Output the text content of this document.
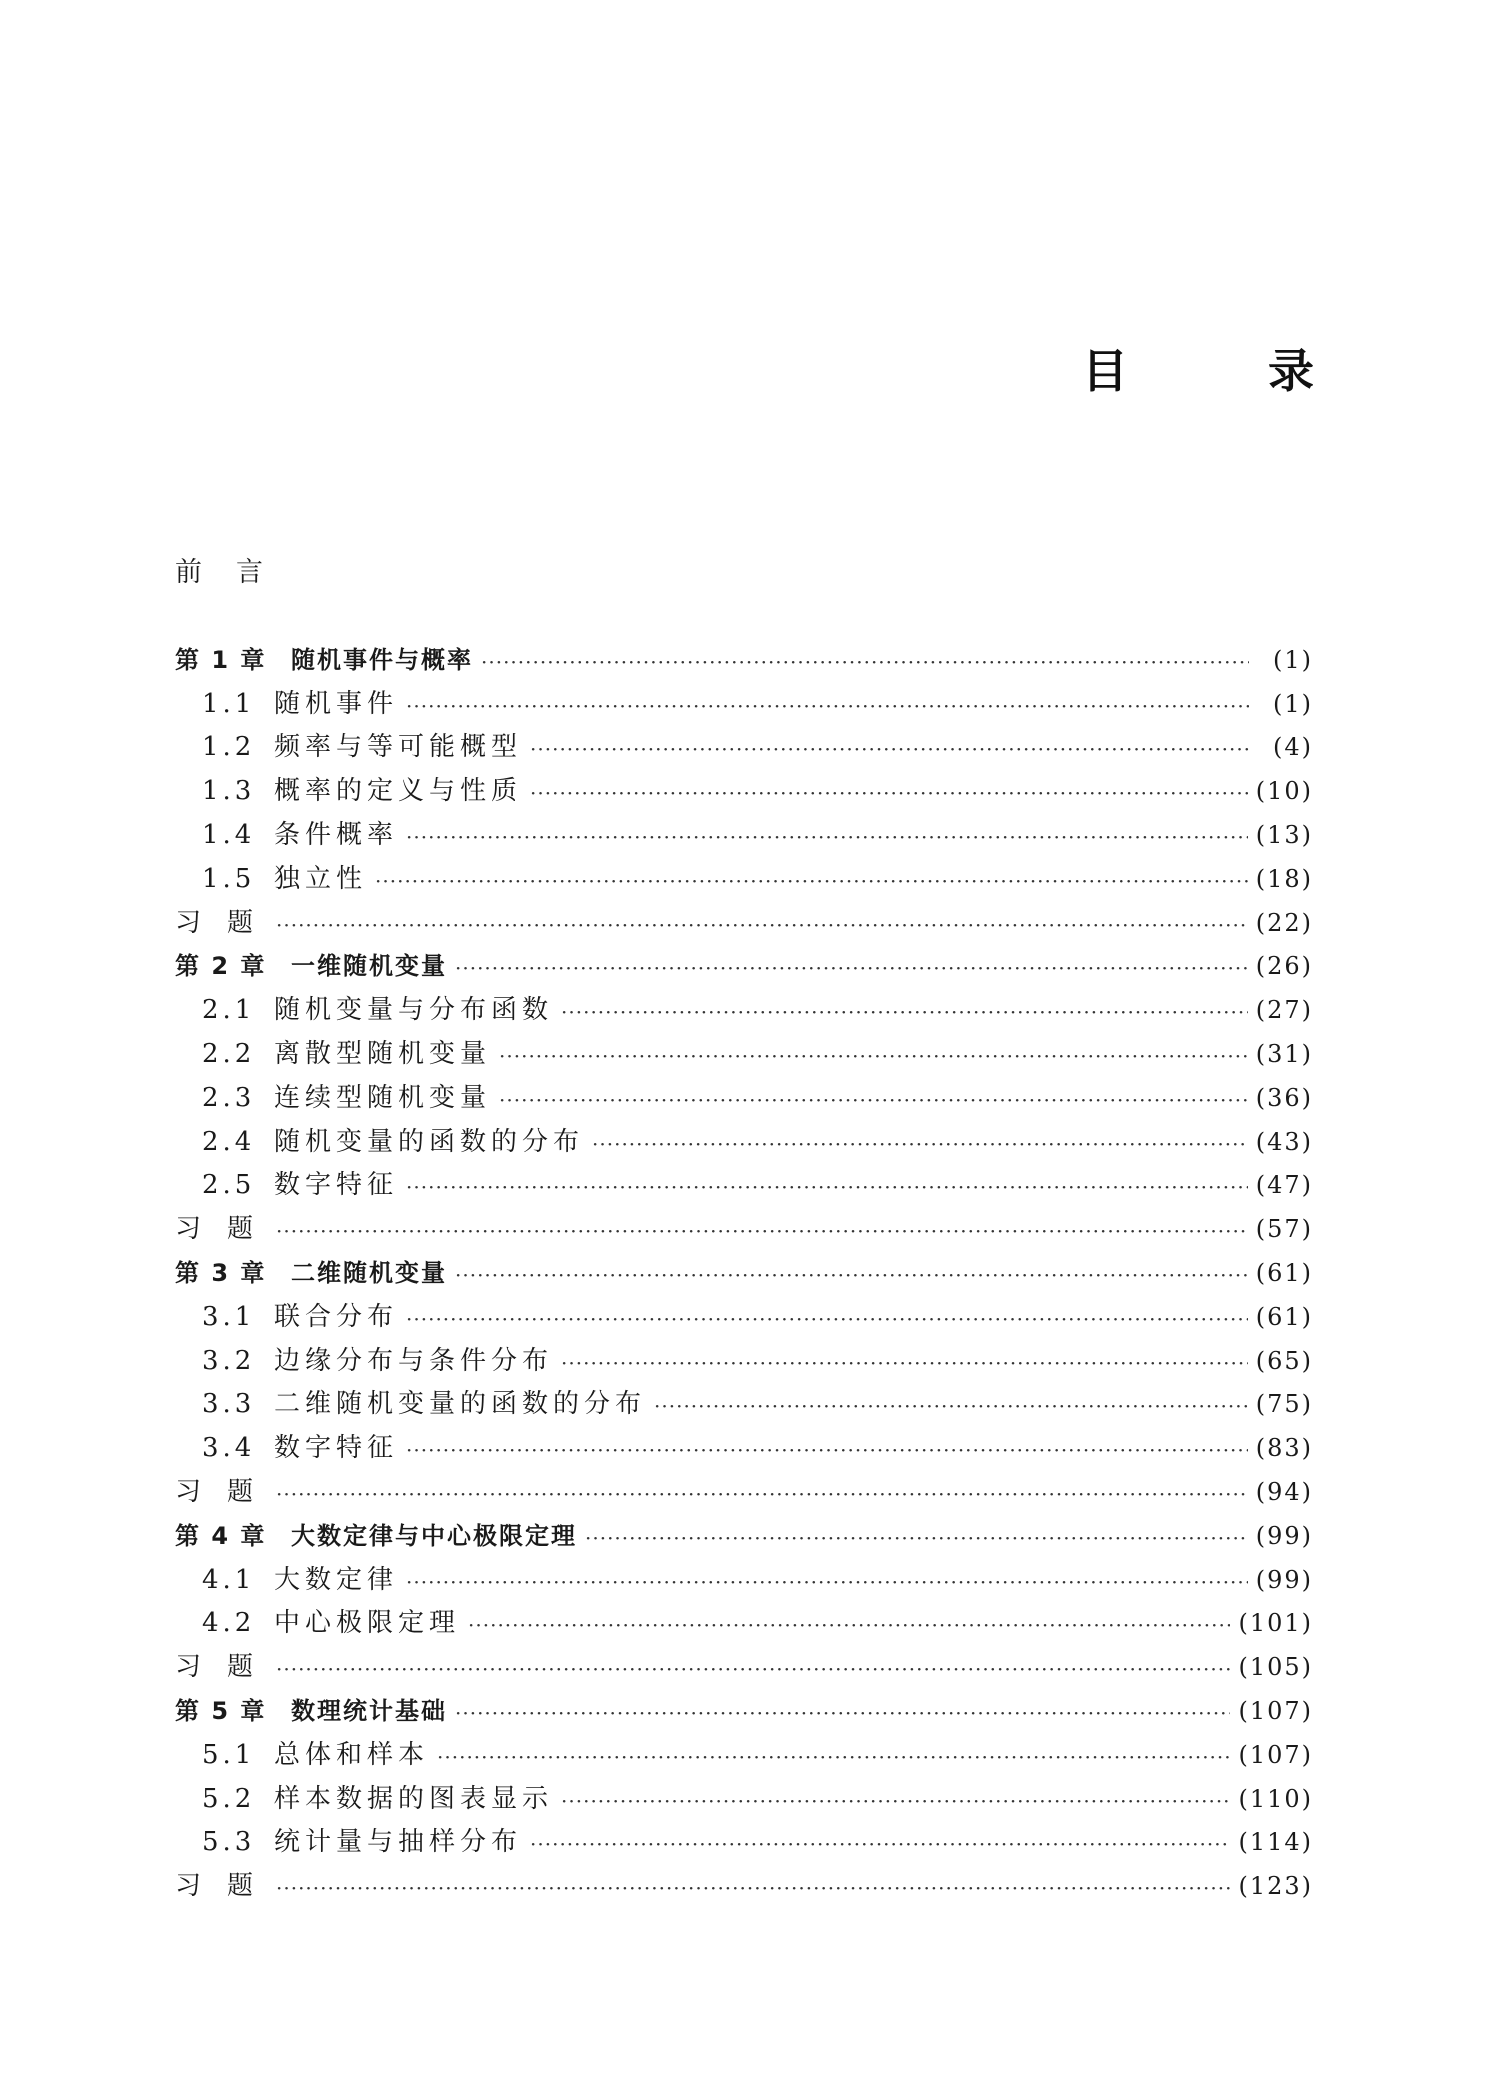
目 录
前言
第 1 章	随机事件与概率 ·····	(1)
1.1 随机事件 ·····	(1)
1.2 频率与等可能概型 ·····	(4)
1.3 概率的定义与性质 ·····	(10)
1.4 条件概率 ·····	(13)
1.5 独立性 ·····	(18)
习题 ·····	(22)
第 2 章	一维随机变量 ·····	(26)
2.1 随机变量与分布函数 ·····	(27)
2.2 离散型随机变量 ·····	(31)
2.3 连续型随机变量 ·····	(36)
2.4 随机变量的函数的分布 ·····	(43)
2.5 数字特征 ·····	(47)
习题 ·····	(57)
第 3 章	二维随机变量 ·····	(61)
3.1 联合分布 ·····	(61)
3.2 边缘分布与条件分布 ·····	(65)
3.3 二维随机变量的函数的分布 ·····	(75)
3.4 数字特征 ·····	(83)
习题 ·····	(94)
第 4 章	大数定律与中心极限定理 ·····	(99)
4.1 大数定律 ·····	(99)
4.2 中心极限定理 ·····	(101)
习题 ·····	(105)
第 5 章	数理统计基础 ·····	(107)
5.1 总体和样本 ·····	(107)
5.2 样本数据的图表显示 ·····	(110)
5.3 统计量与抽样分布 ·····	(114)
习题 ·····	(123)
